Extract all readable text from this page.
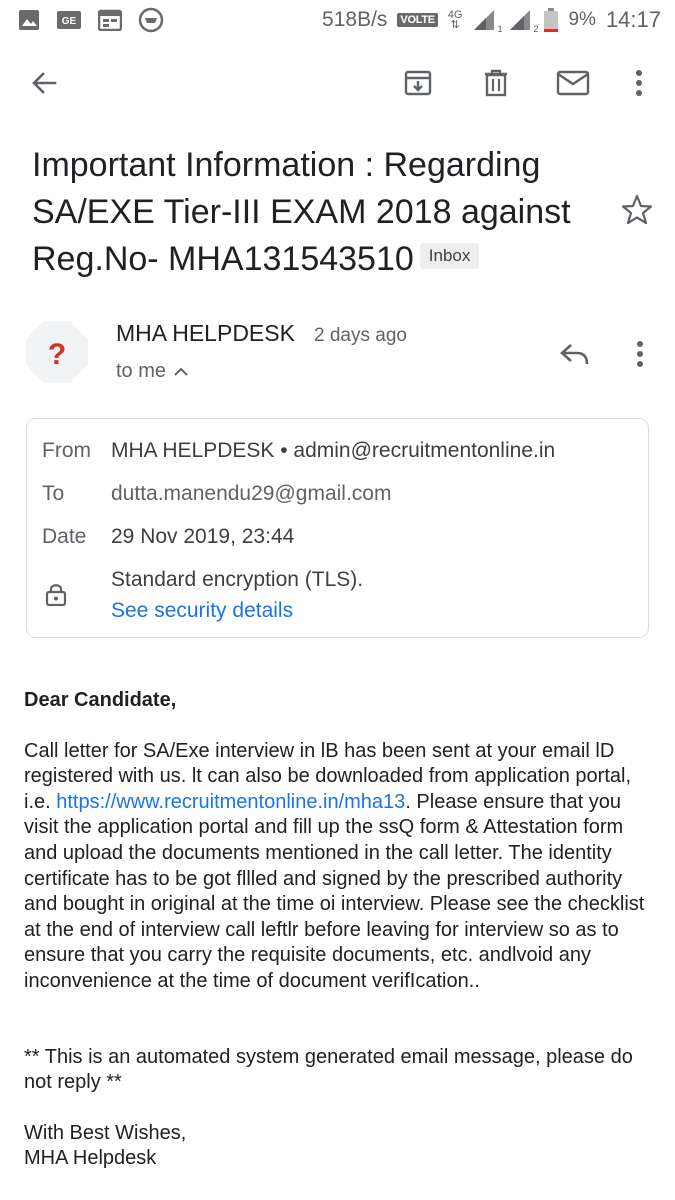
GE	518B/s VOLTE 4G
⇅	1	2 9% 14:17
Important Information : Regarding SA/EXE Tier-III EXAM 2018 against Reg.No- MHA131543510 Inbox
?
MHA HELPDESK 2 days ago
to me
From MHA HELPDESK • admin@recruitmentonline.in
To dutta.manendu29@gmail.com
Date 29 Nov 2019, 23:44
Standard encryption (TLS).
See security details
Dear Candidate,
Call letter for SA/Exe interview in lB has been sent at your email lD registered with us. lt can also be downloaded from application portal, i.e. https://www.recruitmentonline.in/mha13. Please ensure that you visit the application portal and fill up the ssQ form & Attestation form and upload the documents mentioned in the call letter. The identity certificate has to be got fllled and signed by the prescribed authority and bought in original at the time oi interview. Please see the checklist at the end of interview call leftlr before leaving for interview so as to ensure that you carry the requisite documents, etc. andlvoid any inconvenience at the time of document verifIcation..
** This is an automated system generated email message, please do not reply **
With Best Wishes,
MHA Helpdesk
